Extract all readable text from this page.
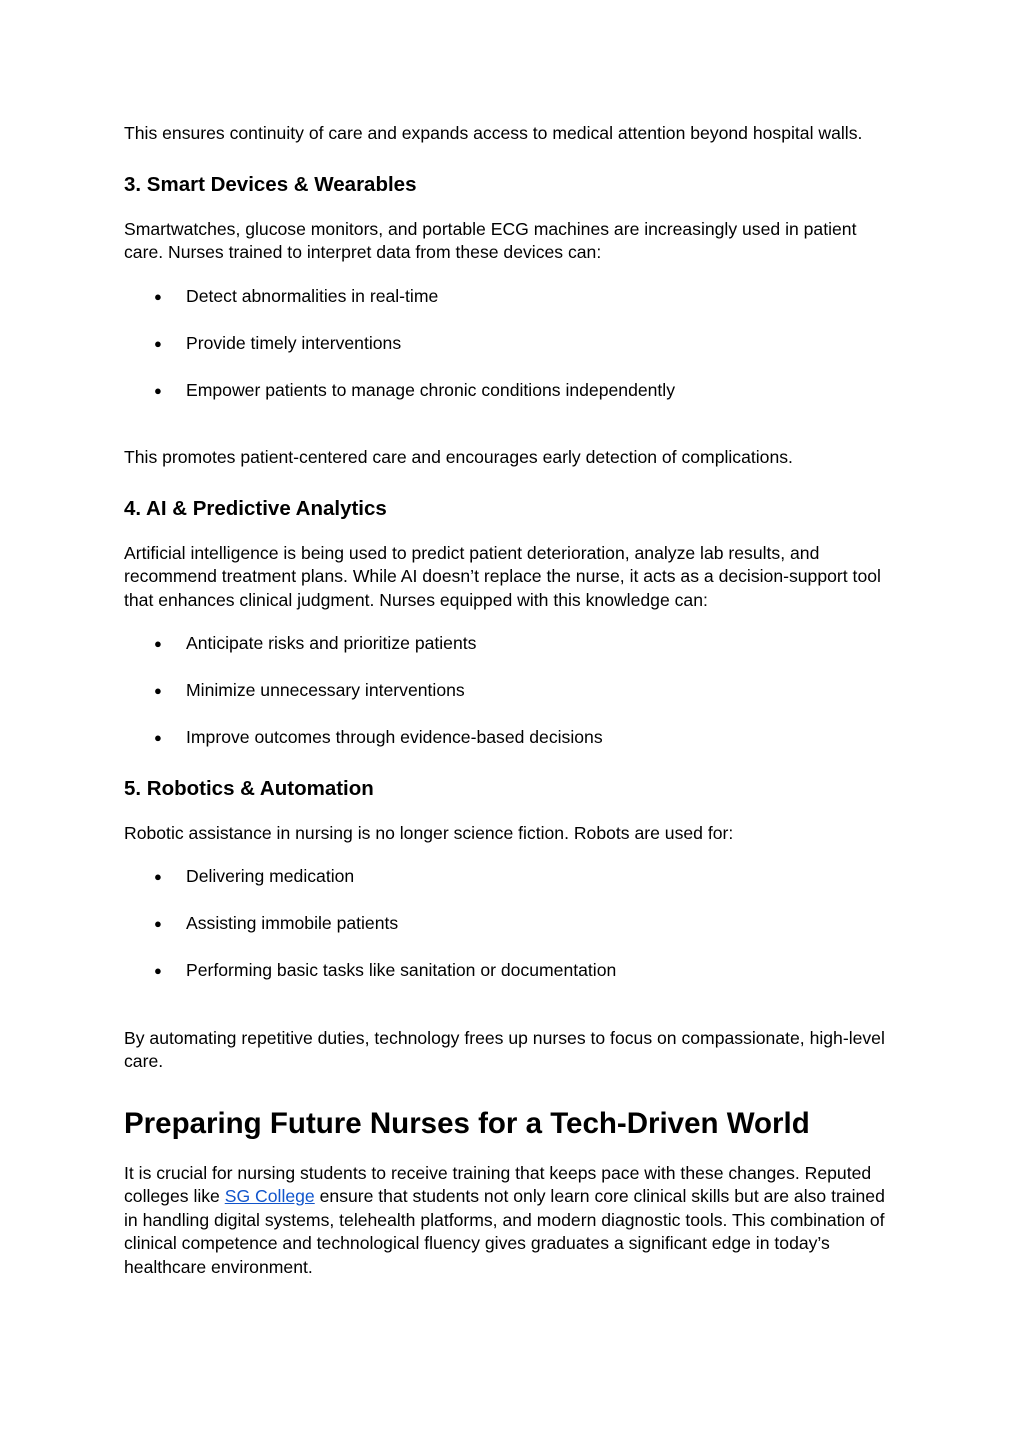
This ensures continuity of care and expands access to medical attention beyond hospital walls.

3. Smart Devices & Wearables

Smartwatches, glucose monitors, and portable ECG machines are increasingly used in patient care. Nurses trained to interpret data from these devices can:

● Detect abnormalities in real-time
● Provide timely interventions
● Empower patients to manage chronic conditions independently

This promotes patient-centered care and encourages early detection of complications.

4. AI & Predictive Analytics

Artificial intelligence is being used to predict patient deterioration, analyze lab results, and recommend treatment plans. While AI doesn’t replace the nurse, it acts as a decision-support tool that enhances clinical judgment. Nurses equipped with this knowledge can:

● Anticipate risks and prioritize patients
● Minimize unnecessary interventions
● Improve outcomes through evidence-based decisions
5. Robotics & Automation

Robotic assistance in nursing is no longer science fiction. Robots are used for:

● Delivering medication
● Assisting immobile patients
● Performing basic tasks like sanitation or documentation

By automating repetitive duties, technology frees up nurses to focus on compassionate, high-level care.

Preparing Future Nurses for a Tech-Driven World

It is crucial for nursing students to receive training that keeps pace with these changes. Reputed colleges like SG College ensure that students not only learn core clinical skills but are also trained in handling digital systems, telehealth platforms, and modern diagnostic tools. This combination of clinical competence and technological fluency gives graduates a significant edge in today’s healthcare environment.
